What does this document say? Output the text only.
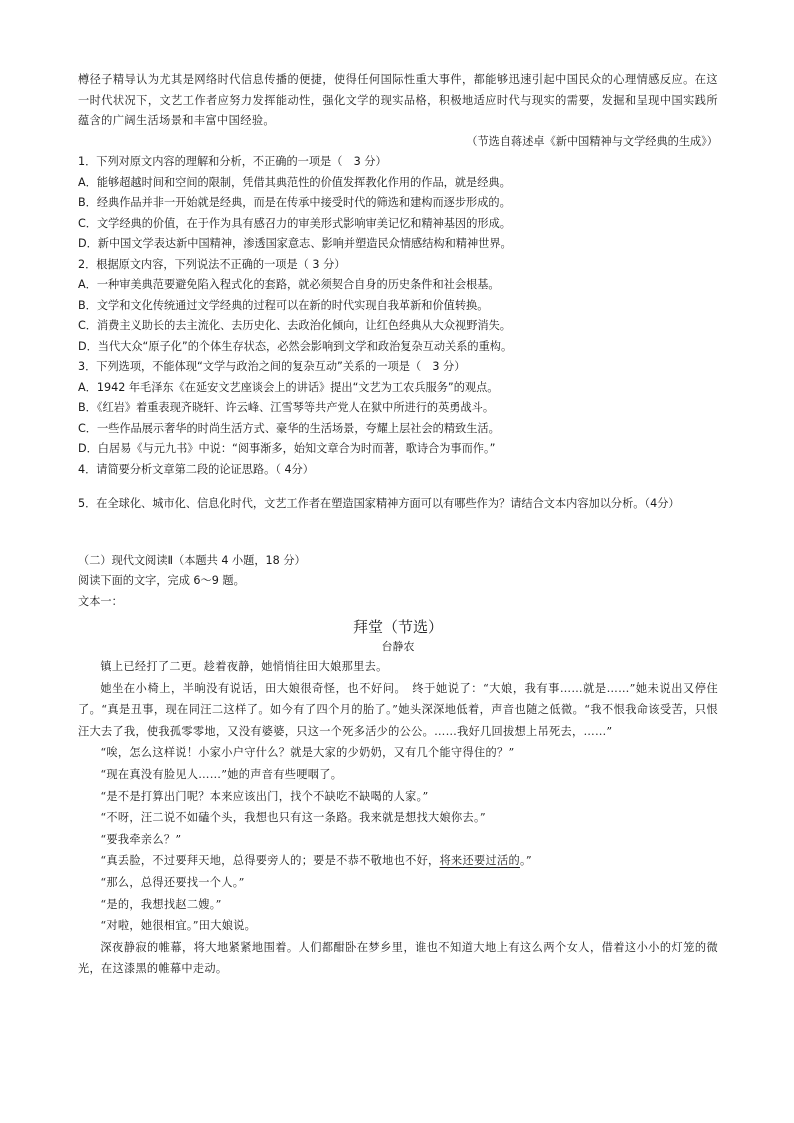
樽径子精导认为尤其是网络时代信息传播的便捷，使得任何国际性重大事件，都能够迅速引起中国民众的心理情感反应。在这一时代状况下，文艺工作者应努力发挥能动性，强化文学的现实品格，积极地适应时代与现实的需要，发掘和呈现中国实践所蕴含的广阔生活场景和丰富中国经验。

（节选自蒋述卓《新中国精神与文学经典的生成》）

1．下列对原文内容的理解和分析，不正确的一项是（　3 分）

A．能够超越时间和空间的限制，凭借其典范性的价值发挥教化作用的作品，就是经典。

B．经典作品并非一开始就是经典，而是在传承中接受时代的筛选和建构而逐步形成的。

C．文学经典的价值，在于作为具有感召力的审美形式影响审美记忆和精神基因的形成。

D．新中国文学表达新中国精神，渗透国家意志、影响并塑造民众情感结构和精神世界。

2．根据原文内容，下列说法不正确的一项是（ 3 分）

A．一种审美典范要避免陷入程式化的套路，就必须契合自身的历史条件和社会根基。

B．文学和文化传统通过文学经典的过程可以在新的时代实现自我革新和价值转换。

C．消费主义助长的去主流化、去历史化、去政治化倾向，让红色经典从大众视野消失。

D．当代大众“原子化”的个体生存状态，必然会影响到文学和政治复杂互动关系的重构。

3．下列选项，不能体现“文学与政治之间的复杂互动”关系的一项是（　3 分）

A．1942 年毛泽东《在延安文艺座谈会上的讲话》提出“文艺为工农兵服务”的观点。

B．《红岩》着重表现齐晓轩、许云峰、江雪琴等共产党人在狱中所进行的英勇战斗。

C．一些作品展示奢华的时尚生活方式、豪华的生活场景，夸耀上层社会的精致生活。

D．白居易《与元九书》中说：“阅事渐多，始知文章合为时而著，歌诗合为事而作。”

4．请简要分析文章第二段的论证思路。（ 4分）

5．在全球化、城市化、信息化时代，文艺工作者在塑造国家精神方面可以有哪些作为？请结合文本内容加以分析。（4分）

（二）现代文阅读Ⅱ（本题共 4 小题，18 分）

阅读下面的文字，完成 6～9 题。

文本一：

拜堂（节选）

台静农

镇上已经打了二更。趁着夜静，她悄悄往田大娘那里去。

她坐在小椅上，半晌没有说话，田大娘很奇怪，也不好问。　终于她说了：“大娘，我有事……就是……”她未说出又停住了。“真是丑事，现在同汪二这样了。如今有了四个月的胎了。”她头深深地低着，声音也随之低微。“我不恨我命该受苦，只恨汪大去了我，使我孤零零地，又没有婆婆，只这一个死多活少的公公。……我好几回拔想上吊死去，……”

“唉，怎么这样说！小家小户守什么？就是大家的少奶奶，又有几个能守得住的？”

“现在真没有脸见人……”她的声音有些哽咽了。

“是不是打算出门呢？本来应该出门，找个不缺吃不缺喝的人家。”

“不呀，汪二说不如磕个头，我想也只有这一条路。我来就是想找大娘你去。”

“要我牵亲么？”

“真丢脸，不过要拜天地，总得要旁人的；要是不恭不敬地也不好，将来还要过活的。”

“那么，总得还要找一个人。”

“是的，我想找赵二嫂。”

“对啦，她很相宜。”田大娘说。

深夜静寂的帷幕，将大地紧紧地围着。人们都酣卧在梦乡里，谁也不知道大地上有这么两个女人，借着这小小的灯笼的微光，在这漆黑的帷幕中走动。
